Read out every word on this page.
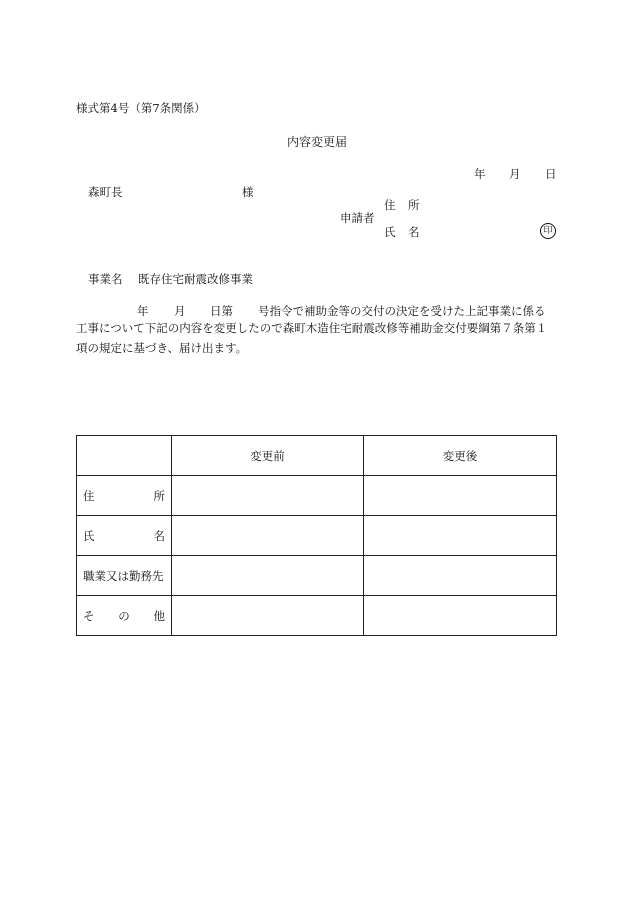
様式第4号（第7条関係）
内容変更届
年 月 日
森町長	様
住 所
申請者
氏 名	印
事業名 既存住宅耐震改修事業
年 月 日第 号指令で補助金等の交付の決定を受けた上記事業に係る
工事について下記の内容を変更したので森町木造住宅耐震改修等補助金交付要綱第７条第１
項の規定に基づき、届け出ます。
	変更前	変更後

住 所		

氏 名		

職業又は勤務先		

そ の 他		
